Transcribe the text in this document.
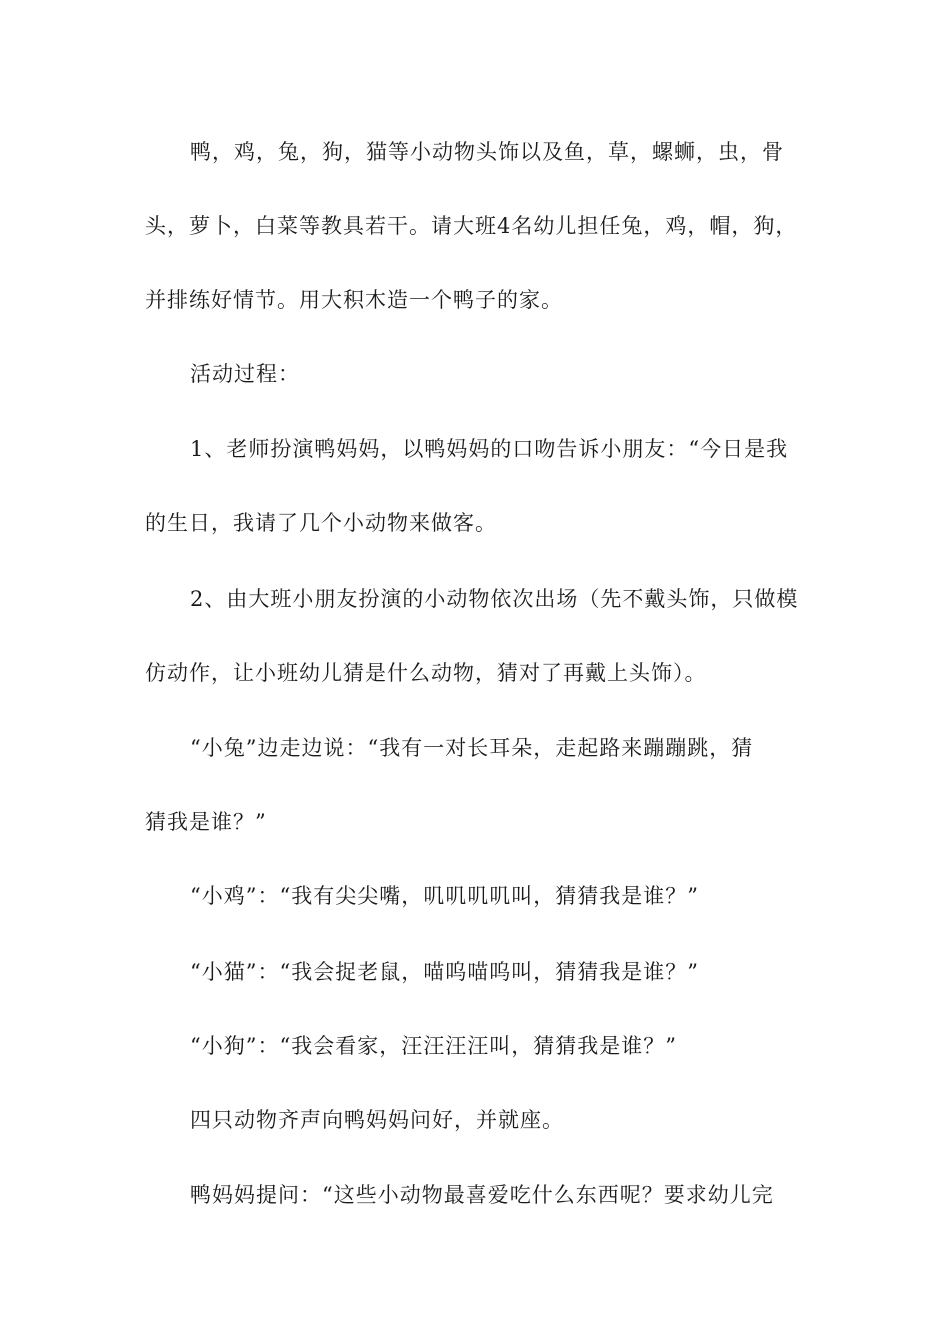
鸭，鸡，兔，狗，猫等小动物头饰以及鱼，草，螺蛳，虫，骨
头，萝卜，白菜等教具若干。请大班4名幼儿担任兔，鸡，帽，狗，
并排练好情节。用大积木造一个鸭子的家。
活动过程：
1、老师扮演鸭妈妈，以鸭妈妈的口吻告诉小朋友：“今日是我
的生日，我请了几个小动物来做客。
2、由大班小朋友扮演的小动物依次出场（先不戴头饰，只做模
仿动作，让小班幼儿猜是什么动物，猜对了再戴上头饰）。
“小兔”边走边说：“我有一对长耳朵，走起路来蹦蹦跳，猜
猜我是谁？”
“小鸡”：“我有尖尖嘴，叽叽叽叽叫，猜猜我是谁？”
“小猫”：“我会捉老鼠，喵呜喵呜叫，猜猜我是谁？”
“小狗”：“我会看家，汪汪汪汪叫，猜猜我是谁？”
四只动物齐声向鸭妈妈问好，并就座。
鸭妈妈提问：“这些小动物最喜爱吃什么东西呢？要求幼儿完
